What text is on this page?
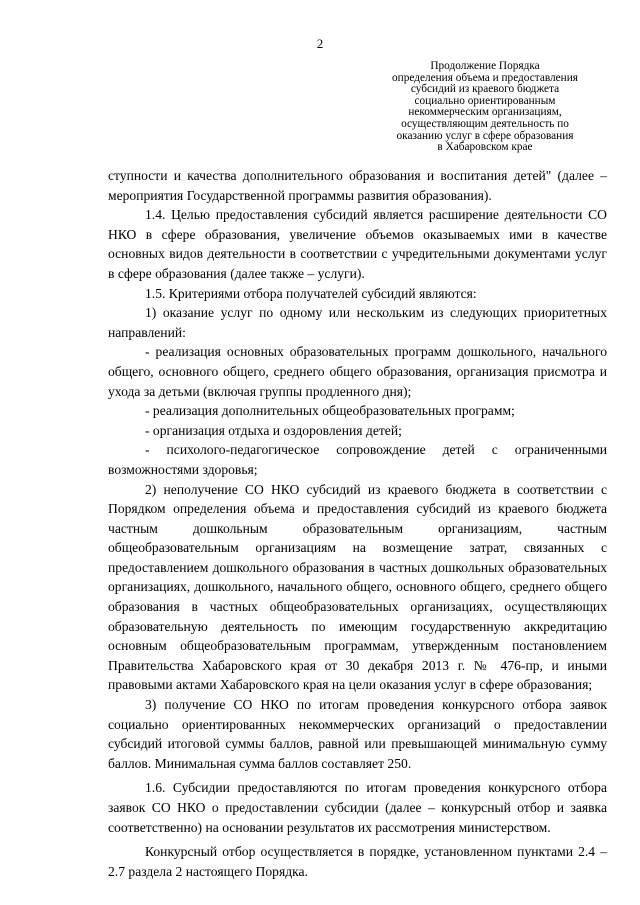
2
Продолжение Порядка
определения объема и предоставления
субсидий из краевого бюджета
социально ориентированным
некоммерческим организациям,
осуществляющим деятельность по
оказанию услуг в сфере образования
в Хабаровском крае

ступности и качества дополнительного образования и воспитания детей" (далее – мероприятия Государственной программы развития образования).

1.4. Целью предоставления субсидий является расширение деятельности СО НКО в сфере образования, увеличение объемов оказываемых ими в качестве основных видов деятельности в соответствии с учредительными документами услуг в сфере образования (далее также – услуги).

1.5. Критериями отбора получателей субсидий являются:

1) оказание услуг по одному или нескольким из следующих приоритетных направлений:

- реализация основных образовательных программ дошкольного, начального общего, основного общего, среднего общего образования, организация присмотра и ухода за детьми (включая группы продленного дня);

- реализация дополнительных общеобразовательных программ;

- организация отдыха и оздоровления детей;

- психолого-педагогическое сопровождение детей с ограниченными возможностями здоровья;

2) неполучение СО НКО субсидий из краевого бюджета в соответствии с Порядком определения объема и предоставления субсидий из краевого бюджета частным дошкольным образовательным организациям, частным общеобразовательным организациям на возмещение затрат, связанных с предоставлением дошкольного образования в частных дошкольных образовательных организациях, дошкольного, начального общего, основного общего, среднего общего образования в частных общеобразовательных организациях, осуществляющих образовательную деятельность по имеющим государственную аккредитацию основным общеобразовательным программам, утвержденным постановлением Правительства Хабаровского края от 30 декабря 2013 г. № 476-пр, и иными правовыми актами Хабаровского края на цели оказания услуг в сфере образования;

3) получение СО НКО по итогам проведения конкурсного отбора заявок социально ориентированных некоммерческих организаций о предоставлении субсидий итоговой суммы баллов, равной или превышающей минимальную сумму баллов. Минимальная сумма баллов составляет 250.

1.6. Субсидии предоставляются по итогам проведения конкурсного отбора заявок СО НКО о предоставлении субсидии (далее – конкурсный отбор и заявка соответственно) на основании результатов их рассмотрения министерством.

Конкурсный отбор осуществляется в порядке, установленном пунктами 2.4 – 2.7 раздела 2 настоящего Порядка.
